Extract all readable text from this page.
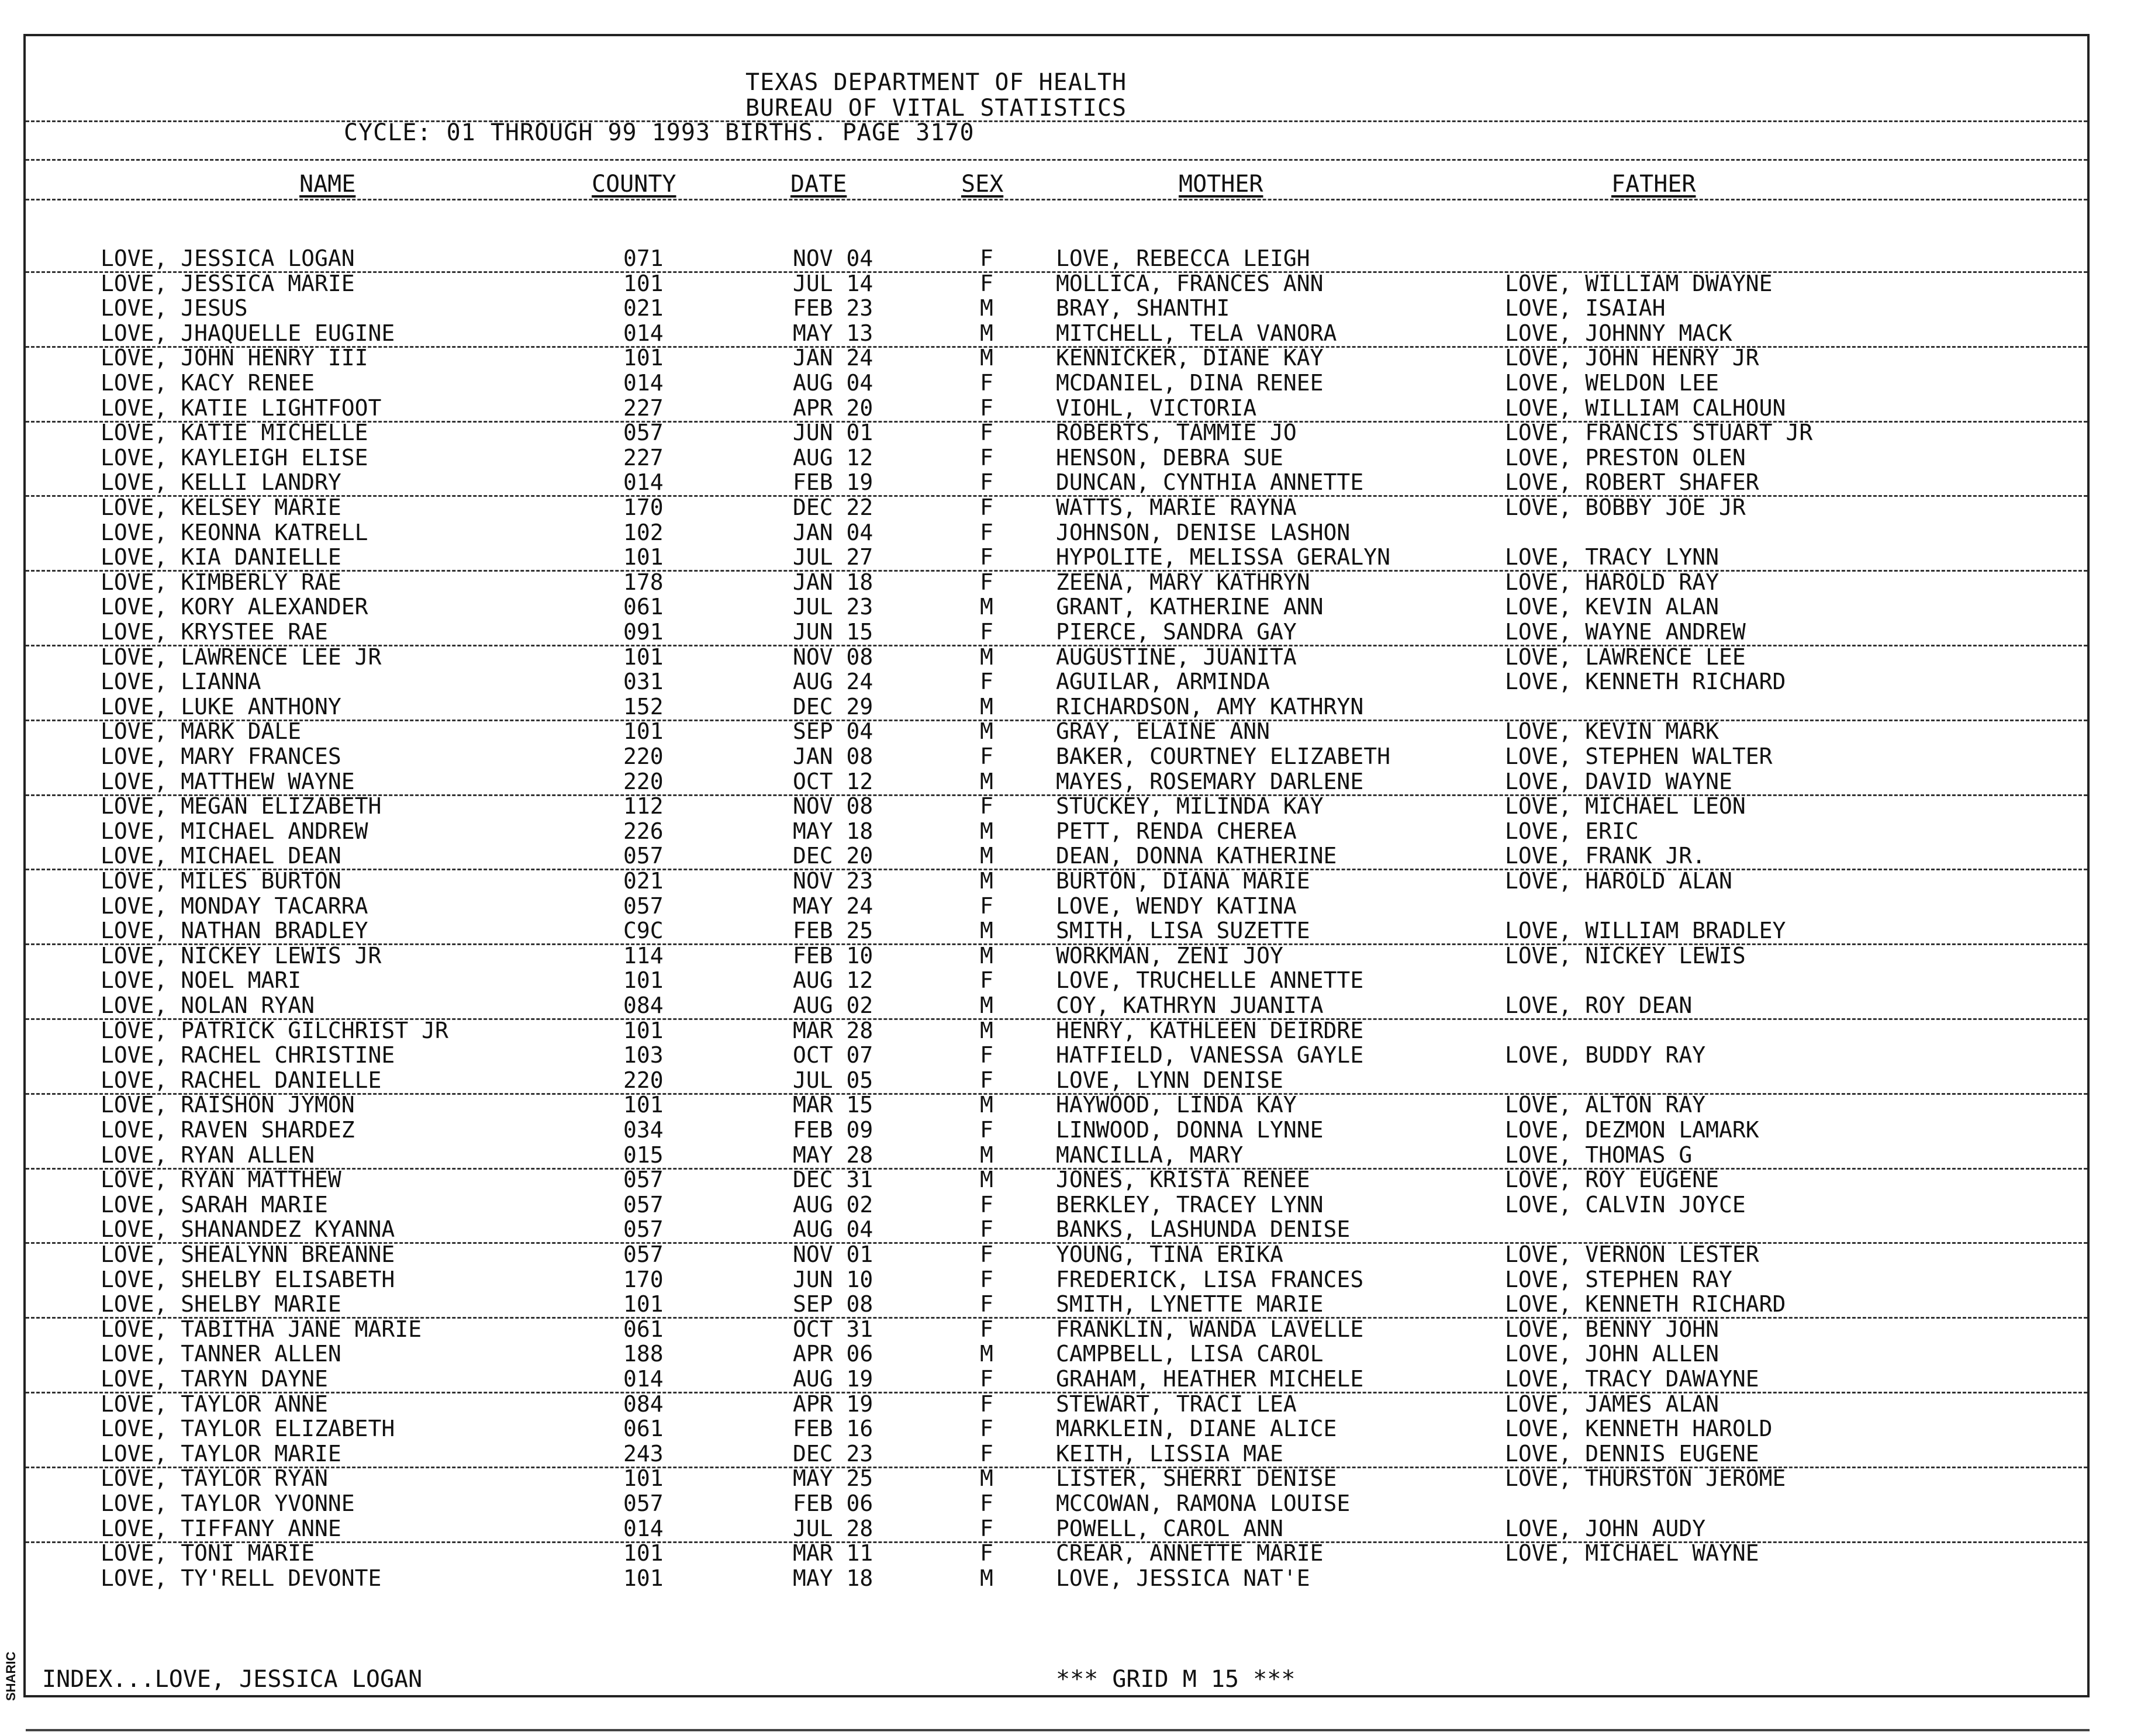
TEXAS DEPARTMENT OF HEALTH
BUREAU OF VITAL STATISTICS
CYCLE: 01 THROUGH 99 1993 BIRTHS. PAGE 3170
NAME	COUNTY	DATE	SEX	MOTHER	FATHER
LOVE, JESSICA LOGAN	071	NOV 04	F	LOVE, REBECCA LEIGH
LOVE, JESSICA MARIE	101	JUL 14	F	MOLLICA, FRANCES ANN	LOVE, WILLIAM DWAYNE
LOVE, JESUS	021	FEB 23	M	BRAY, SHANTHI	LOVE, ISAIAH
LOVE, JHAQUELLE EUGINE	014	MAY 13	M	MITCHELL, TELA VANORA	LOVE, JOHNNY MACK
LOVE, JOHN HENRY III	101	JAN 24	M	KENNICKER, DIANE KAY	LOVE, JOHN HENRY JR
LOVE, KACY RENEE	014	AUG 04	F	MCDANIEL, DINA RENEE	LOVE, WELDON LEE
LOVE, KATIE LIGHTFOOT	227	APR 20	F	VIOHL, VICTORIA	LOVE, WILLIAM CALHOUN
LOVE, KATIE MICHELLE	057	JUN 01	F	ROBERTS, TAMMIE JO	LOVE, FRANCIS STUART JR
LOVE, KAYLEIGH ELISE	227	AUG 12	F	HENSON, DEBRA SUE	LOVE, PRESTON OLEN
LOVE, KELLI LANDRY	014	FEB 19	F	DUNCAN, CYNTHIA ANNETTE	LOVE, ROBERT SHAFER
LOVE, KELSEY MARIE	170	DEC 22	F	WATTS, MARIE RAYNA	LOVE, BOBBY JOE JR
LOVE, KEONNA KATRELL	102	JAN 04	F	JOHNSON, DENISE LASHON
LOVE, KIA DANIELLE	101	JUL 27	F	HYPOLITE, MELISSA GERALYN	LOVE, TRACY LYNN
LOVE, KIMBERLY RAE	178	JAN 18	F	ZEENA, MARY KATHRYN	LOVE, HAROLD RAY
LOVE, KORY ALEXANDER	061	JUL 23	M	GRANT, KATHERINE ANN	LOVE, KEVIN ALAN
LOVE, KRYSTEE RAE	091	JUN 15	F	PIERCE, SANDRA GAY	LOVE, WAYNE ANDREW
LOVE, LAWRENCE LEE JR	101	NOV 08	M	AUGUSTINE, JUANITA	LOVE, LAWRENCE LEE
LOVE, LIANNA	031	AUG 24	F	AGUILAR, ARMINDA	LOVE, KENNETH RICHARD
LOVE, LUKE ANTHONY	152	DEC 29	M	RICHARDSON, AMY KATHRYN
LOVE, MARK DALE	101	SEP 04	M	GRAY, ELAINE ANN	LOVE, KEVIN MARK
LOVE, MARY FRANCES	220	JAN 08	F	BAKER, COURTNEY ELIZABETH	LOVE, STEPHEN WALTER
LOVE, MATTHEW WAYNE	220	OCT 12	M	MAYES, ROSEMARY DARLENE	LOVE, DAVID WAYNE
LOVE, MEGAN ELIZABETH	112	NOV 08	F	STUCKEY, MILINDA KAY	LOVE, MICHAEL LEON
LOVE, MICHAEL ANDREW	226	MAY 18	M	PETT, RENDA CHEREA	LOVE, ERIC
LOVE, MICHAEL DEAN	057	DEC 20	M	DEAN, DONNA KATHERINE	LOVE, FRANK JR.
LOVE, MILES BURTON	021	NOV 23	M	BURTON, DIANA MARIE	LOVE, HAROLD ALAN
LOVE, MONDAY TACARRA	057	MAY 24	F	LOVE, WENDY KATINA
LOVE, NATHAN BRADLEY	C9C	FEB 25	M	SMITH, LISA SUZETTE	LOVE, WILLIAM BRADLEY
LOVE, NICKEY LEWIS JR	114	FEB 10	M	WORKMAN, ZENI JOY	LOVE, NICKEY LEWIS
LOVE, NOEL MARI	101	AUG 12	F	LOVE, TRUCHELLE ANNETTE
LOVE, NOLAN RYAN	084	AUG 02	M	COY, KATHRYN JUANITA	LOVE, ROY DEAN
LOVE, PATRICK GILCHRIST JR	101	MAR 28	M	HENRY, KATHLEEN DEIRDRE
LOVE, RACHEL CHRISTINE	103	OCT 07	F	HATFIELD, VANESSA GAYLE	LOVE, BUDDY RAY
LOVE, RACHEL DANIELLE	220	JUL 05	F	LOVE, LYNN DENISE
LOVE, RAISHON JYMON	101	MAR 15	M	HAYWOOD, LINDA KAY	LOVE, ALTON RAY
LOVE, RAVEN SHARDEZ	034	FEB 09	F	LINWOOD, DONNA LYNNE	LOVE, DEZMON LAMARK
LOVE, RYAN ALLEN	015	MAY 28	M	MANCILLA, MARY	LOVE, THOMAS G
LOVE, RYAN MATTHEW	057	DEC 31	M	JONES, KRISTA RENEE	LOVE, ROY EUGENE
LOVE, SARAH MARIE	057	AUG 02	F	BERKLEY, TRACEY LYNN	LOVE, CALVIN JOYCE
LOVE, SHANANDEZ KYANNA	057	AUG 04	F	BANKS, LASHUNDA DENISE
LOVE, SHEALYNN BREANNE	057	NOV 01	F	YOUNG, TINA ERIKA	LOVE, VERNON LESTER
LOVE, SHELBY ELISABETH	170	JUN 10	F	FREDERICK, LISA FRANCES	LOVE, STEPHEN RAY
LOVE, SHELBY MARIE	101	SEP 08	F	SMITH, LYNETTE MARIE	LOVE, KENNETH RICHARD
LOVE, TABITHA JANE MARIE	061	OCT 31	F	FRANKLIN, WANDA LAVELLE	LOVE, BENNY JOHN
LOVE, TANNER ALLEN	188	APR 06	M	CAMPBELL, LISA CAROL	LOVE, JOHN ALLEN
LOVE, TARYN DAYNE	014	AUG 19	F	GRAHAM, HEATHER MICHELE	LOVE, TRACY DAWAYNE
LOVE, TAYLOR ANNE	084	APR 19	F	STEWART, TRACI LEA	LOVE, JAMES ALAN
LOVE, TAYLOR ELIZABETH	061	FEB 16	F	MARKLEIN, DIANE ALICE	LOVE, KENNETH HAROLD
LOVE, TAYLOR MARIE	243	DEC 23	F	KEITH, LISSIA MAE	LOVE, DENNIS EUGENE
LOVE, TAYLOR RYAN	101	MAY 25	M	LISTER, SHERRI DENISE	LOVE, THURSTON JEROME
LOVE, TAYLOR YVONNE	057	FEB 06	F	MCCOWAN, RAMONA LOUISE
LOVE, TIFFANY ANNE	014	JUL 28	F	POWELL, CAROL ANN	LOVE, JOHN AUDY
LOVE, TONI MARIE	101	MAR 11	F	CREAR, ANNETTE MARIE	LOVE, MICHAEL WAYNE
LOVE, TY'RELL DEVONTE	101	MAY 18	M	LOVE, JESSICA NAT'E
INDEX...LOVE, JESSICA LOGAN	*** GRID M 15 ***
SHARIC
